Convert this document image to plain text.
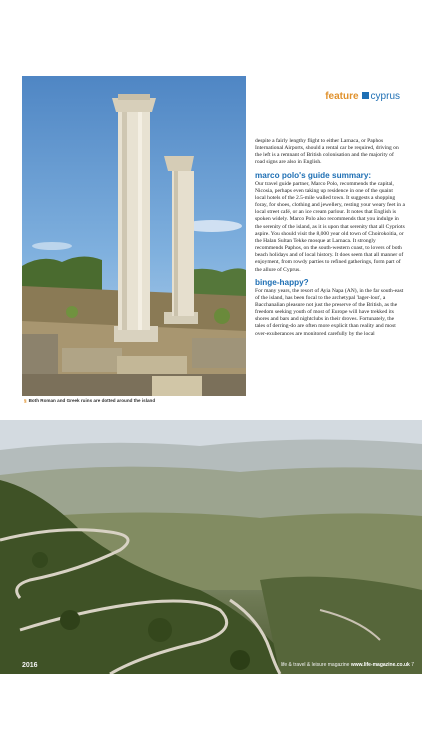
§ Both Roman and Greek ruins are dotted around the island
feature cyprus

despite a fairly lengthy flight to either Larnaca, or Paphos International Airports, should a rental car be required, driving on the left is a remnant of British colonisation and the majority of road signs are also in English.

marco polo's guide summary:

Our travel guide partner, Marco Polo, recommends the capital, Nicosia, perhaps even taking up residence in one of the quaint local hotels of the 2.5-mile walled town. It suggests a shopping foray, for shoes, clothing and jewellery, resting your weary feet in a local street café, or an ice cream parlour. It notes that English is spoken widely. Marco Polo also recommends that you indulge in the serenity of the island, as it is upon that serenity that all Cypriots aspire. You should visit the 8,000 year old town of Choirokoitia, or the Halan Sultan Tekke mosque at Larnaca. It strongly recommends Paphos, on the south-western coast, to lovers of both beach holidays and of local history. It does seem that all manner of enjoyment, from rowdy parties to refined gatherings, form part of the allure of Cyprus.

binge-happy?

For many years, the resort of Ayia Napa (AN), in the far south-east of the island, has been focal to the archetypal 'lager-lout', a Bacchanalian pleasure not just the preserve of the British, as the freedom seeking youth of most of Europe will have trekked its shores and bars and nightclubs in their droves. Fortunately, the tales of derring-do are often more explicit than reality and most over-exuberances are monitored carefully by the local

2016	life & travel & leisure magazine www.life-magazine.co.uk 7
